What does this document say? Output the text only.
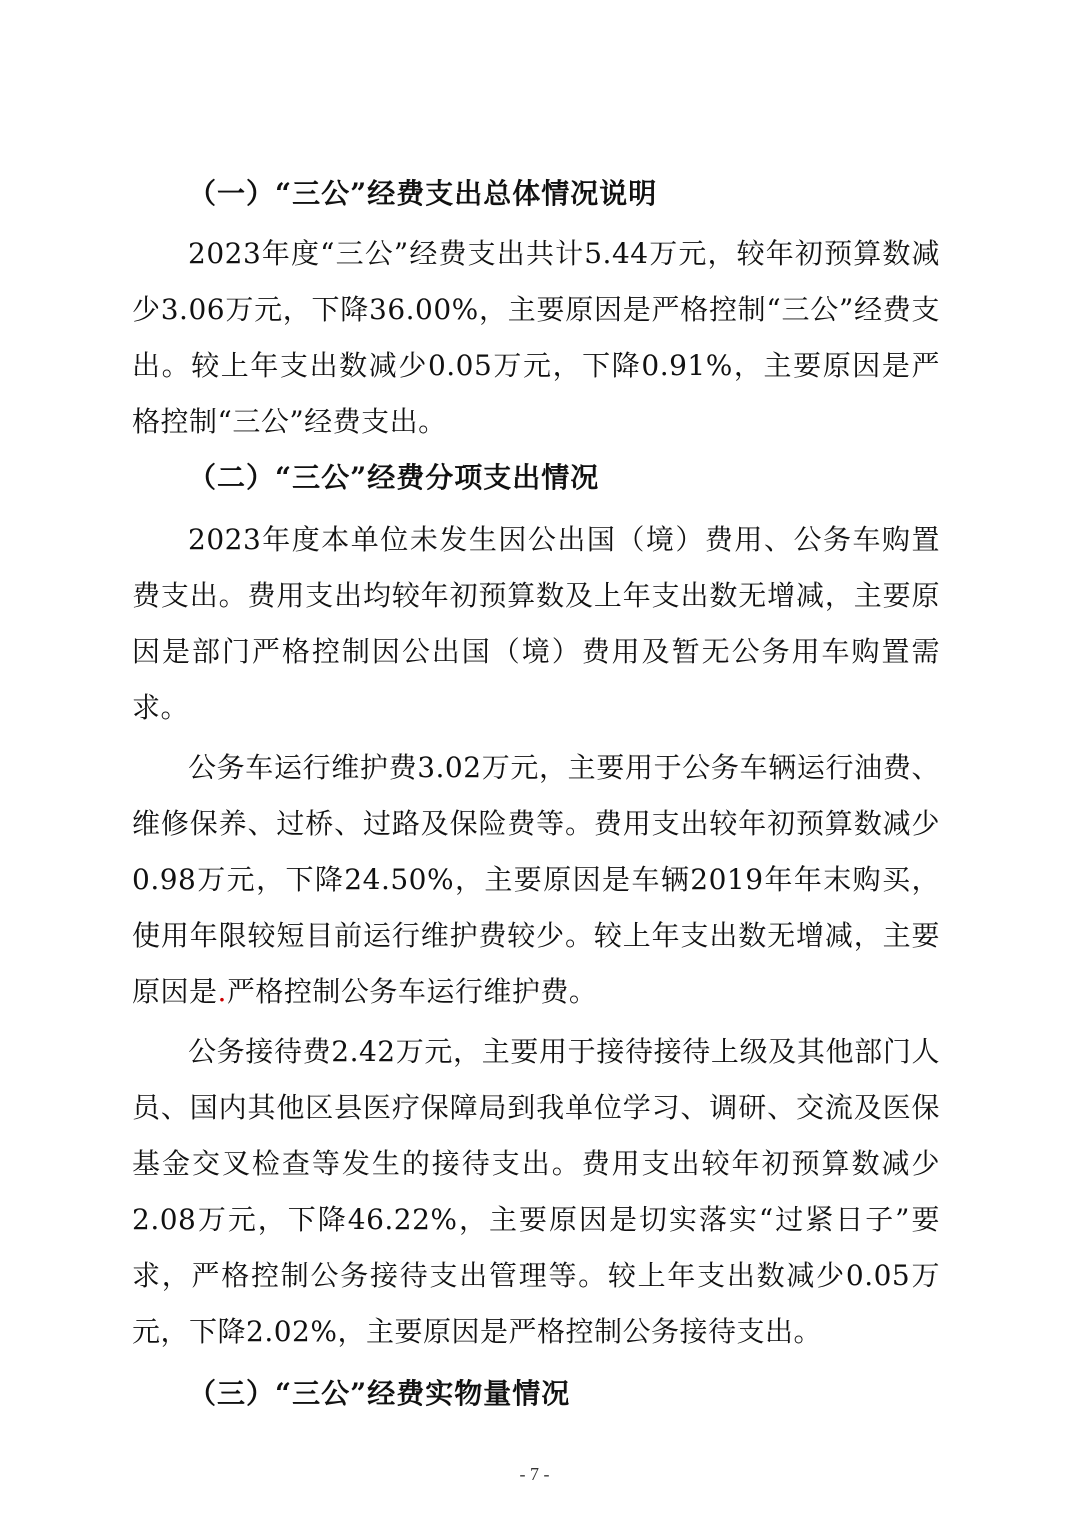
（一）“三公”经费支出总体情况说明

2023年度“三公”经费支出共计5.44万元，较年初预算数减少3.06万元，下降36.00%，主要原因是严格控制“三公”经费支出。较上年支出数减少0.05万元，下降0.91%，主要原因是严格控制“三公”经费支出。

（二）“三公”经费分项支出情况

2023年度本单位未发生因公出国（境）费用、公务车购置费支出。费用支出均较年初预算数及上年支出数无增减，主要原因是部门严格控制因公出国（境）费用及暂无公务用车购置需求。

公务车运行维护费3.02万元，主要用于公务车辆运行油费、维修保养、过桥、过路及保险费等。费用支出较年初预算数减少0.98万元，下降24.50%，主要原因是车辆2019年年末购买，使用年限较短目前运行维护费较少。较上年支出数无增减，主要原因是.严格控制公务车运行维护费。

公务接待费2.42万元，主要用于接待接待上级及其他部门人员、国内其他区县医疗保障局到我单位学习、调研、交流及医保基金交叉检查等发生的接待支出。费用支出较年初预算数减少2.08万元，下降46.22%，主要原因是切实落实“过紧日子”要求，严格控制公务接待支出管理等。较上年支出数减少0.05万元，下降2.02%，主要原因是严格控制公务接待支出。

（三）“三公”经费实物量情况

- 7 -
